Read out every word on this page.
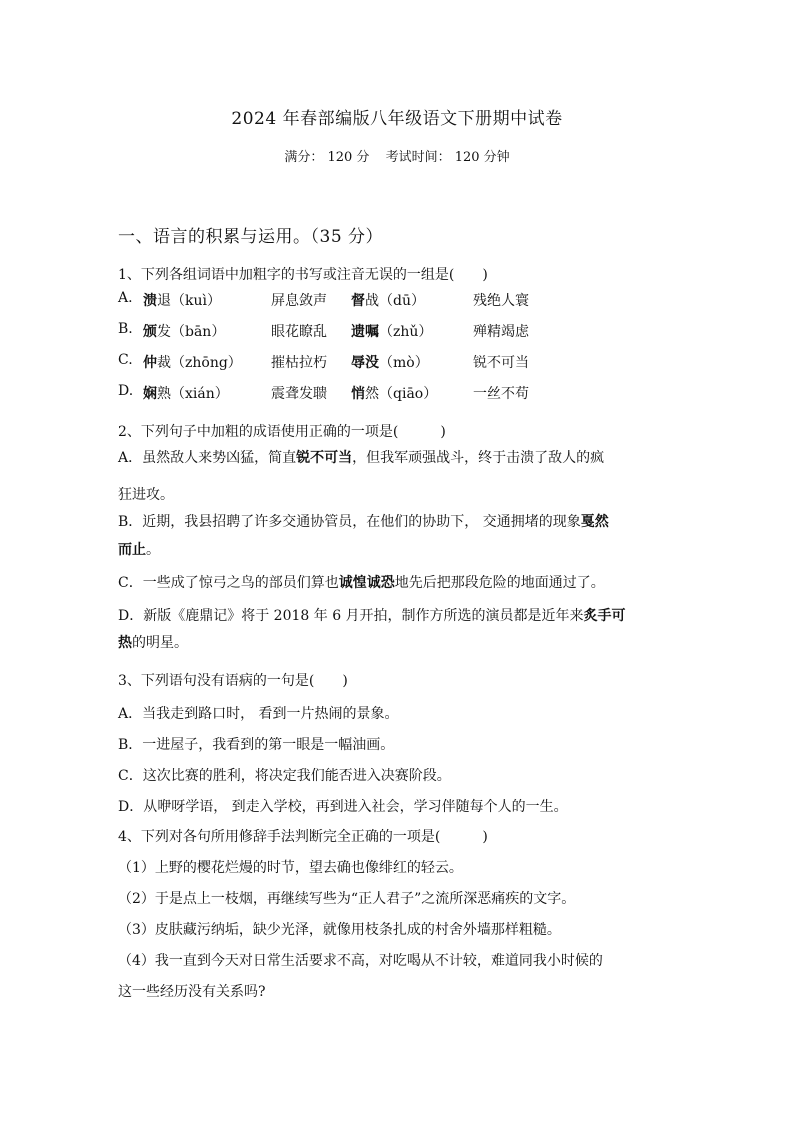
2024 年春部编版八年级语文下册期中试卷
满分： 120 分 考试时间： 120 分钟
一、语言的积累与运用。（35 分）
1、下列各组词语中加粗字的书写或注音无误的一组是(　　)
A. 溃退（kuì）	屏息敛声 督战（dū）	残绝人寰
B. 颁发（bān）	眼花瞭乱 遗嘱（zhǔ）	殚精竭虑
C. 仲裁（zhōng） 摧枯拉朽 辱没（mò）	锐不可当
D. 娴熟（xián）	震聋发聩 悄然（qiāo）	一丝不苟
2、下列句子中加粗的成语使用正确的一项是(　　　)
A．虽然敌人来势凶猛，简直锐不可当，但我军顽强战斗，终于击溃了敌人的疯
狂进攻。
B．近期，我县招聘了许多交通协管员，在他们的协助下， 交通拥堵的现象戛然
而止。
C．一些成了惊弓之鸟的部员们算也诚惶诚恐地先后把那段危险的地面通过了。
D．新版《鹿鼎记》将于 2018 年 6 月开拍，制作方所选的演员都是近年来炙手可
热的明星。
3、下列语句没有语病的一句是(　　)
A．当我走到路口时， 看到一片热闹的景象。
B．一进屋子，我看到的第一眼是一幅油画。
C．这次比赛的胜利，将决定我们能否进入决赛阶段。
D．从咿呀学语， 到走入学校，再到进入社会，学习伴随每个人的一生。
4、下列对各句所用修辞手法判断完全正确的一项是(　　　)
（1）上野的樱花烂熳的时节，望去确也像绯红的轻云。
（2）于是点上一枝烟，再继续写些为“正人君子”之流所深恶痛疾的文字。
（3）皮肤藏污纳垢，缺少光泽，就像用枝条扎成的村舍外墙那样粗糙。
（4）我一直到今天对日常生活要求不高，对吃喝从不计较，难道同我小时候的
这一些经历没有关系吗?
